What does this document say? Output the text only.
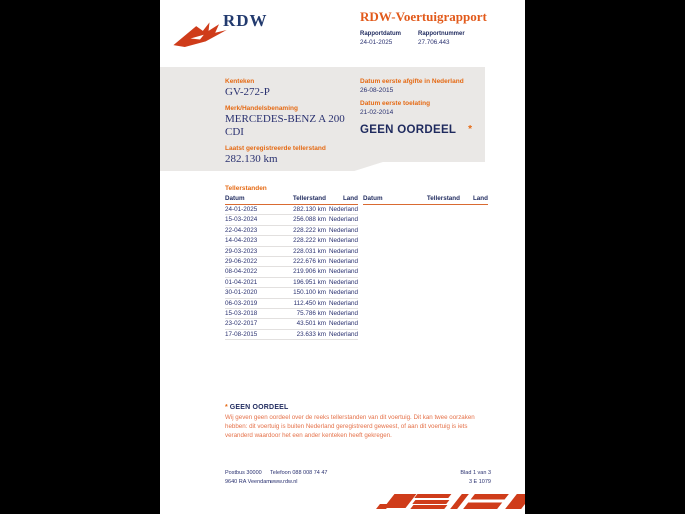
RDW	RDW-Voertuigrapport
Rapportdatum
24-01-2025
Rapportnummer
27.706.443
Kenteken
GV-272-P
Merk/Handelsbenaming
MERCEDES-BENZ A 200 CDI
Laatst geregistreerde tellerstand
282.130 km
Datum eerste afgifte in Nederland
26-08-2015
Datum eerste toelating
21-02-2014
GEEN OORDEEL *
Tellerstanden
Datum	Tellerstand	Land
24-01-2025	282.130 km Nederland
15-03-2024	256.088 km Nederland
22-04-2023	228.222 km Nederland
14-04-2023	228.222 km Nederland
29-03-2023	228.031 km Nederland
29-06-2022	222.676 km Nederland
08-04-2022	219.906 km Nederland
01-04-2021	196.951 km Nederland
30-01-2020	150.100 km Nederland
06-03-2019	112.450 km Nederland
15-03-2018	75.786 km Nederland
23-02-2017	43.501 km Nederland
17-08-2015	23.633 km Nederland
Datum	Tellerstand	Land
* GEEN OORDEEL
Wij geven geen oordeel over de reeks tellerstanden van dit voertuig. Dit kan twee oorzaken hebben: dit voertuig is buiten Nederland geregistreerd geweest, of aan dit voertuig is iets veranderd waardoor het een ander kenteken heeft gekregen.
Postbus 30000
9640 RA Veendam
Telefoon 088 008 74 47
www.rdw.nl
Blad 1 van 3
3 E 1079
